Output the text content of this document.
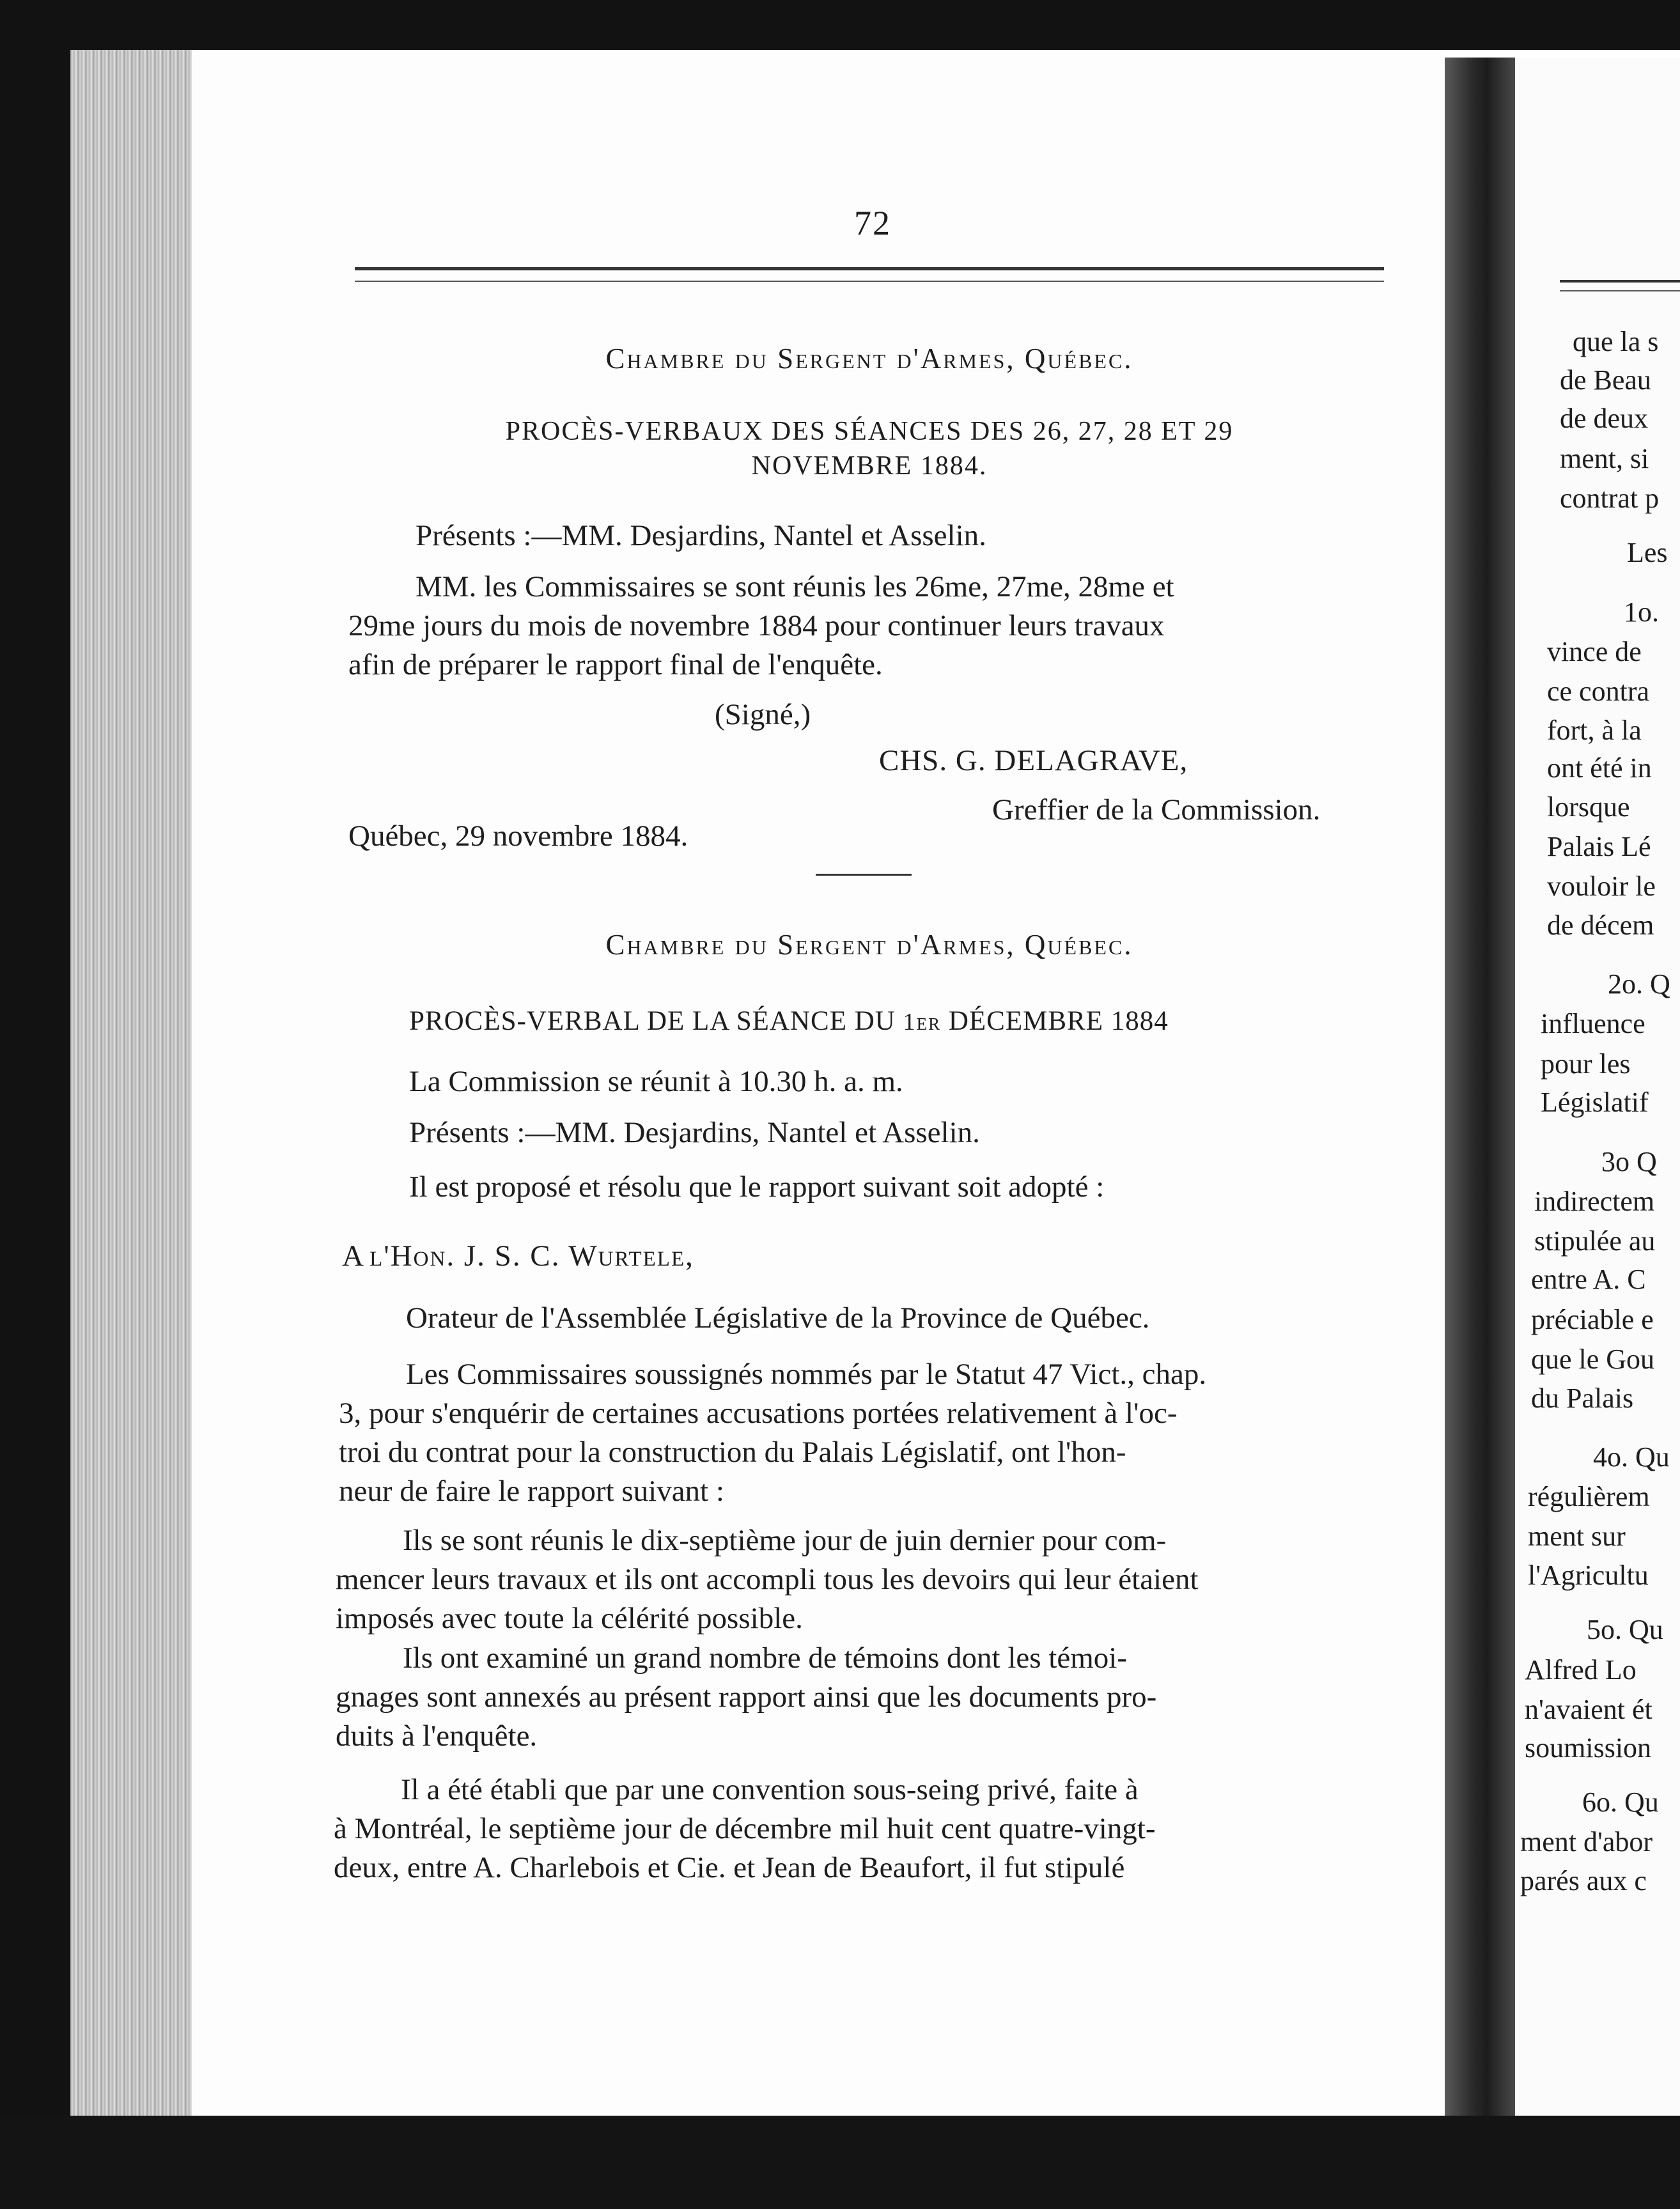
72
Chambre du Sergent d'Armes, Québec.
PROCÈS-VERBAUX DES SÉANCES DES 26, 27, 28 ET 29
NOVEMBRE 1884.

Présents :—MM. Desjardins, Nantel et Asselin.

MM. les Commissaires se sont réunis les 26me, 27me, 28me et
29me jours du mois de novembre 1884 pour continuer leurs travaux
afin de préparer le rapport final de l'enquête.

(Signé,)

CHS. G. DELAGRAVE,

Greffier de la Commission.

Québec, 29 novembre 1884.

Chambre du Sergent d'Armes, Québec.

PROCÈS-VERBAL DE LA SÉANCE DU 1er DÉCEMBRE 1884

La Commission se réunit à 10.30 h. a. m.

Présents :—MM. Desjardins, Nantel et Asselin.

Il est proposé et résolu que le rapport suivant soit adopté :

A l'Hon. J. S. C. Wurtele,

Orateur de l'Assemblée Législative de la Province de Québec.

Les Commissaires soussignés nommés par le Statut 47 Vict., chap.
3, pour s'enquérir de certaines accusations portées relativement à l'oc-
troi du contrat pour la construction du Palais Législatif, ont l'hon-
neur de faire le rapport suivant :
Ils se sont réunis le dix-septième jour de juin dernier pour com-
mencer leurs travaux et ils ont accompli tous les devoirs qui leur étaient
imposés avec toute la célérité possible.
Ils ont examiné un grand nombre de témoins dont les témoi-
gnages sont annexés au présent rapport ainsi que les documents pro-
duits à l'enquête.
Il a été établi que par une convention sous-seing privé, faite à
à Montréal, le septième jour de décembre mil huit cent quatre-vingt-
deux, entre A. Charlebois et Cie. et Jean de Beaufort, il fut stipulé
que la s
de Beau
de deux
ment, si
contrat p
Les
1o.
vince de
ce contra
fort, à la
ont été in
lorsque
Palais Lé
vouloir le
de décem
2o. Q
influence
pour les
Législatif
3o Q
indirectem
stipulée au
entre A. C
préciable e
que le Gou
du Palais
4o. Qu
régulièrem
ment sur
l'Agricultu
5o. Qu
Alfred Lo
n'avaient ét
soumission
6o. Qu
ment d'abor
parés aux c
